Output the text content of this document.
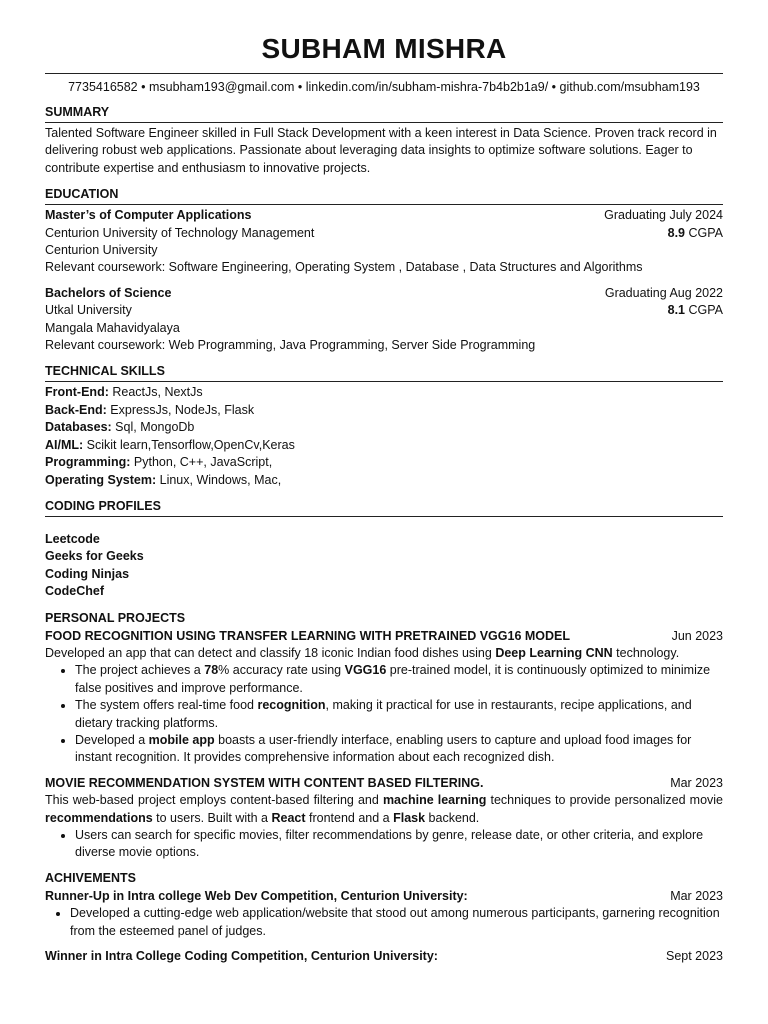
SUBHAM MISHRA
7735416582 • msubham193@gmail.com • linkedin.com/in/subham-mishra-7b4b2b1a9/ • github.com/msubham193
SUMMARY
Talented Software Engineer skilled in Full Stack Development with a keen interest in Data Science. Proven track record in delivering robust web applications. Passionate about leveraging data insights to optimize software solutions. Eager to contribute expertise and enthusiasm to innovative projects.
EDUCATION
Master’s of Computer Applications	Graduating July 2024
Centurion University of Technology Management	8.9 CGPA
Centurion University
Relevant coursework: Software Engineering, Operating System , Database , Data Structures and Algorithms
Bachelors of Science	Graduating Aug 2022
Utkal University	8.1 CGPA
Mangala Mahavidyalaya
Relevant coursework: Web Programming, Java Programming, Server Side Programming
TECHNICAL SKILLS
Front-End: ReactJs, NextJs
Back-End: ExpressJs, NodeJs, Flask
Databases: Sql, MongoDb
AI/ML: Scikit learn,Tensorflow,OpenCv,Keras
Programming: Python, C++, JavaScript,
Operating System: Linux, Windows, Mac,
CODING PROFILES
Leetcode
Geeks for Geeks
Coding Ninjas
CodeChef
PERSONAL PROJECTS
FOOD RECOGNITION USING TRANSFER LEARNING WITH PRETRAINED VGG16 MODEL	Jun 2023
Developed an app that can detect and classify 18 iconic Indian food dishes using Deep Learning CNN technology.
• The project achieves a 78% accuracy rate using VGG16 pre-trained model, it is continuously optimized to minimize false positives and improve performance.
• The system offers real-time food recognition, making it practical for use in restaurants, recipe applications, and dietary tracking platforms.
• Developed a mobile app boasts a user-friendly interface, enabling users to capture and upload food images for instant recognition. It provides comprehensive information about each recognized dish.
MOVIE RECOMMENDATION SYSTEM WITH CONTENT BASED FILTERING.	Mar 2023
This web-based project employs content-based filtering and machine learning techniques to provide personalized movie recommendations to users. Built with a React frontend and a Flask backend.
• Users can search for specific movies, filter recommendations by genre, release date, or other criteria, and explore diverse movie options.
ACHIVEMENTS
Runner-Up in Intra college Web Dev Competition, Centurion University:	Mar 2023
• Developed a cutting-edge web application/website that stood out among numerous participants, garnering recognition from the esteemed panel of judges.
Winner in Intra College Coding Competition, Centurion University:	Sept 2023
